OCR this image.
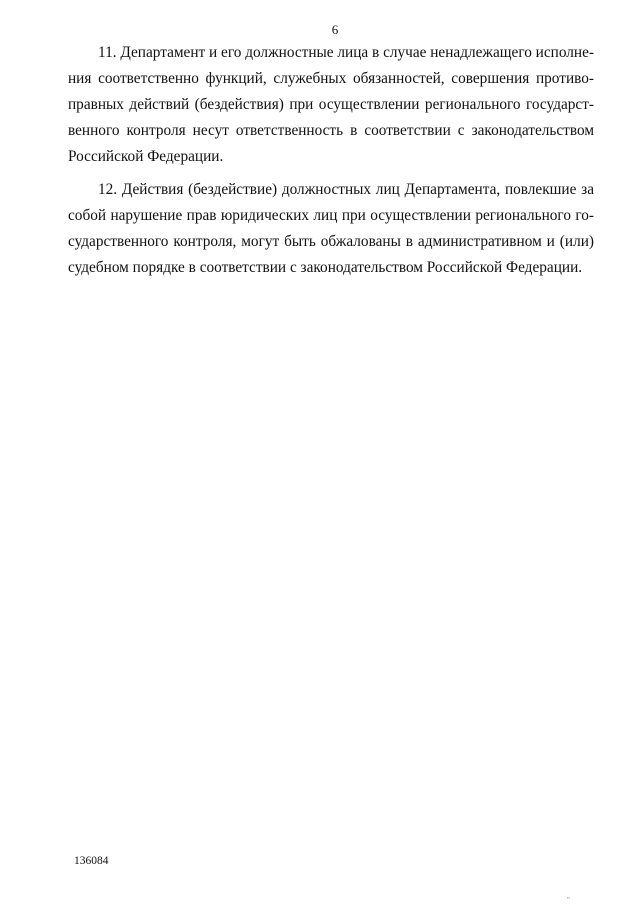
6
11. Департамент и его должностные лица в случае ненадлежащего исполне-
ния соответственно функций, служебных обязанностей, совершения противо-
правных действий (бездействия) при осуществлении регионального государст-
венного контроля несут ответственность в соответствии с законодательством
Российской Федерации.
12. Действия (бездействие) должностных лиц Департамента, повлекшие за
собой нарушение прав юридических лиц при осуществлении регионального го-
сударственного контроля, могут быть обжалованы в административном и (или)
судебном порядке в соответствии с законодательством Российской Федерации.
136084
"
